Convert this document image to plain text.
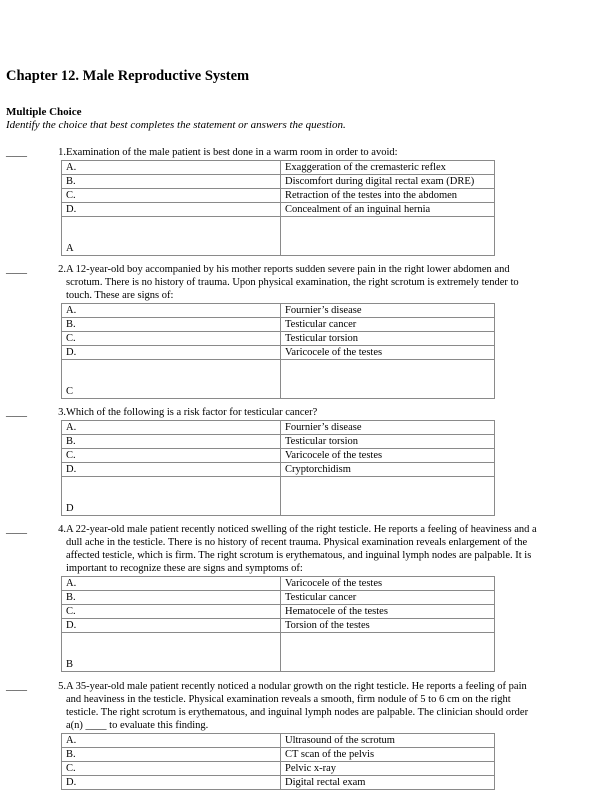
Chapter 12. Male Reproductive System
Multiple Choice

Identify the choice that best completes the statement or answers the question.

____	1. Examination of the male patient is best done in a warm room in order to avoid:
A.	Exaggeration of the cremasteric reflex
B.	Discomfort during digital rectal exam (DRE)
C.	Retraction of the testes into the abdomen
D.	Concealment of an inguinal hernia
A	
____	2. A 12-year-old boy accompanied by his mother reports sudden severe pain in the right lower abdomen and scrotum. There is no history of trauma. Upon physical examination, the right scrotum is extremely tender to touch. These are signs of:
A.	Fournier’s disease
B.	Testicular cancer
C.	Testicular torsion
D.	Varicocele of the testes
C	
____	3. Which of the following is a risk factor for testicular cancer?
A.	Fournier’s disease
B.	Testicular torsion
C.	Varicocele of the testes
D.	Cryptorchidism
D	
____	4. A 22-year-old male patient recently noticed swelling of the right testicle. He reports a feeling of heaviness and a dull ache in the testicle. There is no history of recent trauma. Physical examination reveals enlargement of the affected testicle, which is firm. The right scrotum is erythematous, and inguinal lymph nodes are palpable. It is important to recognize these are signs and symptoms of:
A.	Varicocele of the testes
B.	Testicular cancer
C.	Hematocele of the testes
D.	Torsion of the testes
B	
____	5. A 35-year-old male patient recently noticed a nodular growth on the right testicle. He reports a feeling of pain and heaviness in the testicle. Physical examination reveals a smooth, firm nodule of 5 to 6 cm on the right testicle. The right scrotum is erythematous, and inguinal lymph nodes are palpable. The clinician should order a(n) ____ to evaluate this finding.
A.	Ultrasound of the scrotum
B.	CT scan of the pelvis
C.	Pelvic x-ray
D.	Digital rectal exam
